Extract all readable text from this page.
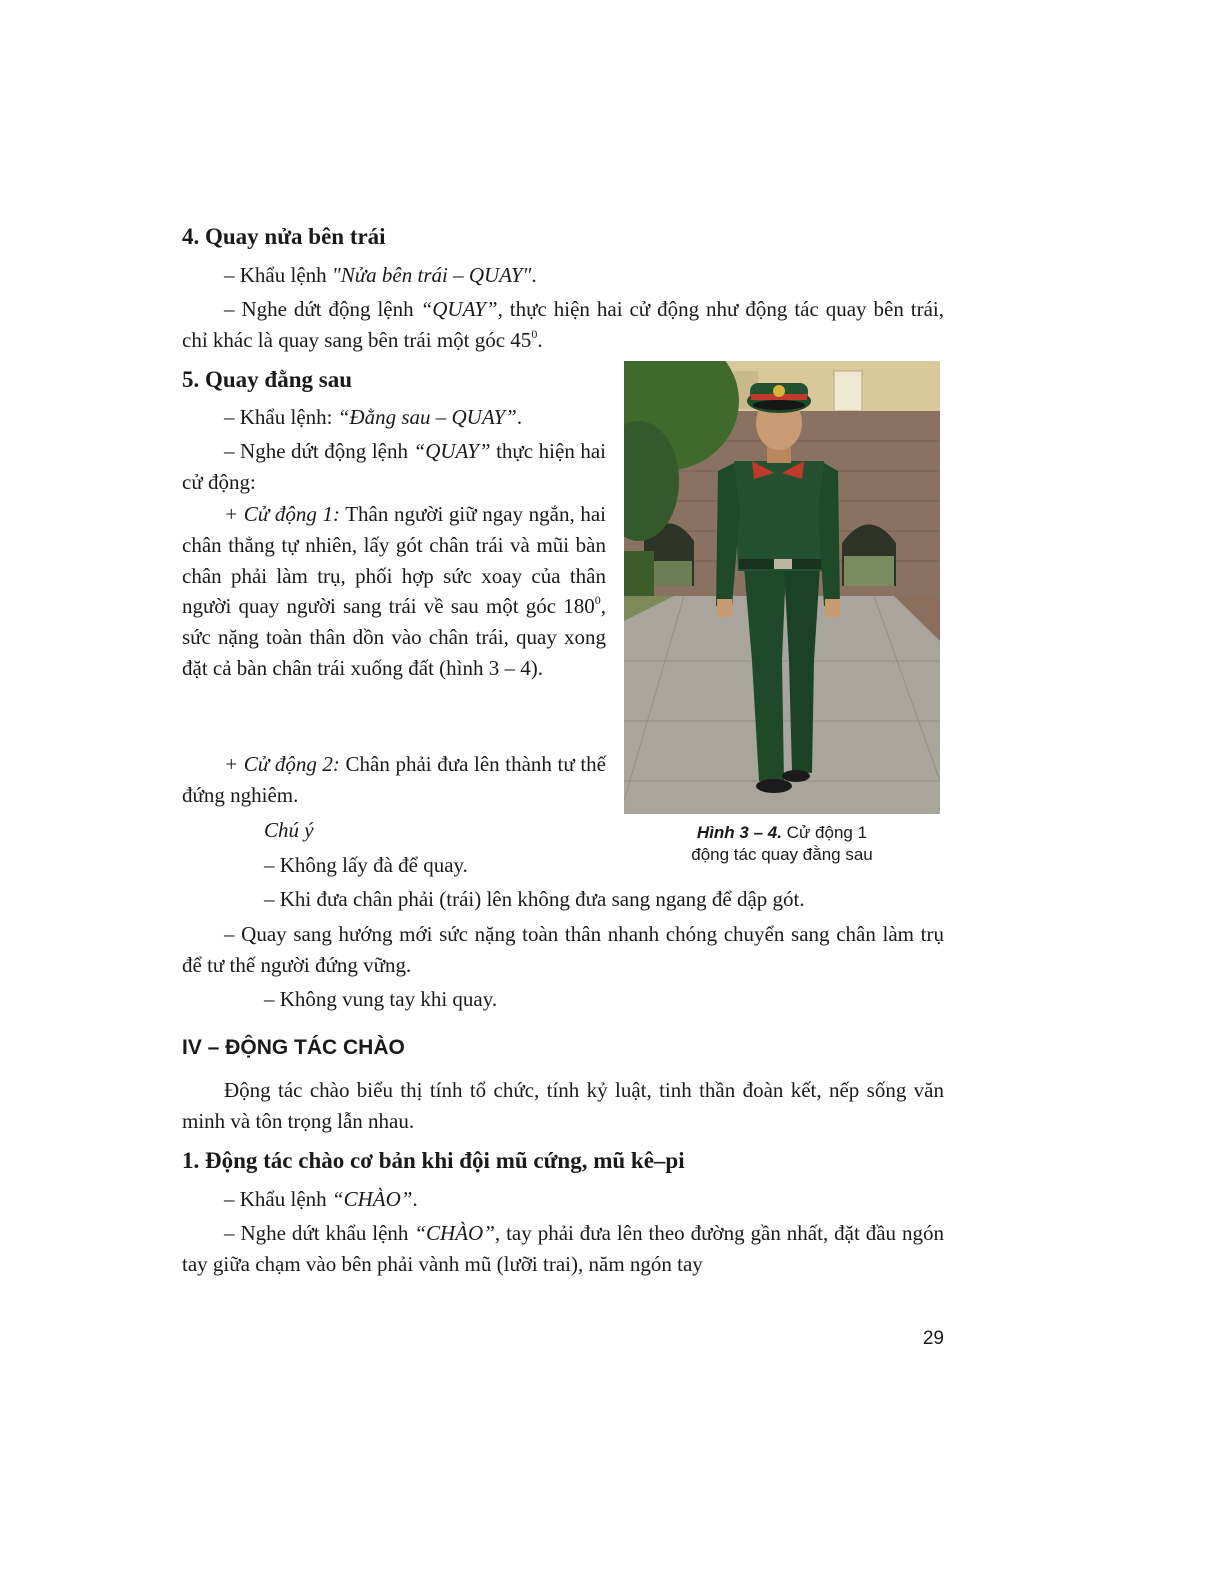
4. Quay nửa bên trái
– Khẩu lệnh "Nửa bên trái – QUAY".
– Nghe dứt động lệnh “QUAY”, thực hiện hai cử động như động tác quay bên trái, chỉ khác là quay sang bên trái một góc $45^0$.
5. Quay đằng sau
– Khẩu lệnh: “Đằng sau – QUAY”.
– Nghe dứt động lệnh “QUAY” thực hiện hai cử động:
+ Cử động 1: Thân người giữ ngay ngắn, hai chân thẳng tự nhiên, lấy gót chân trái và mũi bàn chân phải làm trụ, phối hợp sức xoay của thân người quay người sang trái về sau một góc $180^0$, sức nặng toàn thân dồn vào chân trái, quay xong đặt cả bàn chân trái xuống đất (hình 3 – 4).
+ Cử động 2: Chân phải đưa lên thành tư thế đứng nghiêm.
Chú ý
– Không lấy đà để quay.
– Khi đưa chân phải (trái) lên không đưa sang ngang để dập gót.
– Quay sang hướng mới sức nặng toàn thân nhanh chóng chuyển sang chân làm trụ để tư thế người đứng vững.
– Không vung tay khi quay.
Hình 3 – 4. Cử động 1
động tác quay đằng sau
IV – ĐỘNG TÁC CHÀO
Động tác chào biểu thị tính tổ chức, tính kỷ luật, tinh thần đoàn kết, nếp sống văn minh và tôn trọng lẫn nhau.
1. Động tác chào cơ bản khi đội mũ cứng, mũ kê–pi
– Khẩu lệnh “CHÀO”.
– Nghe dứt khẩu lệnh “CHÀO”, tay phải đưa lên theo đường gần nhất, đặt đầu ngón tay giữa chạm vào bên phải vành mũ (lưỡi trai), năm ngón tay
29
